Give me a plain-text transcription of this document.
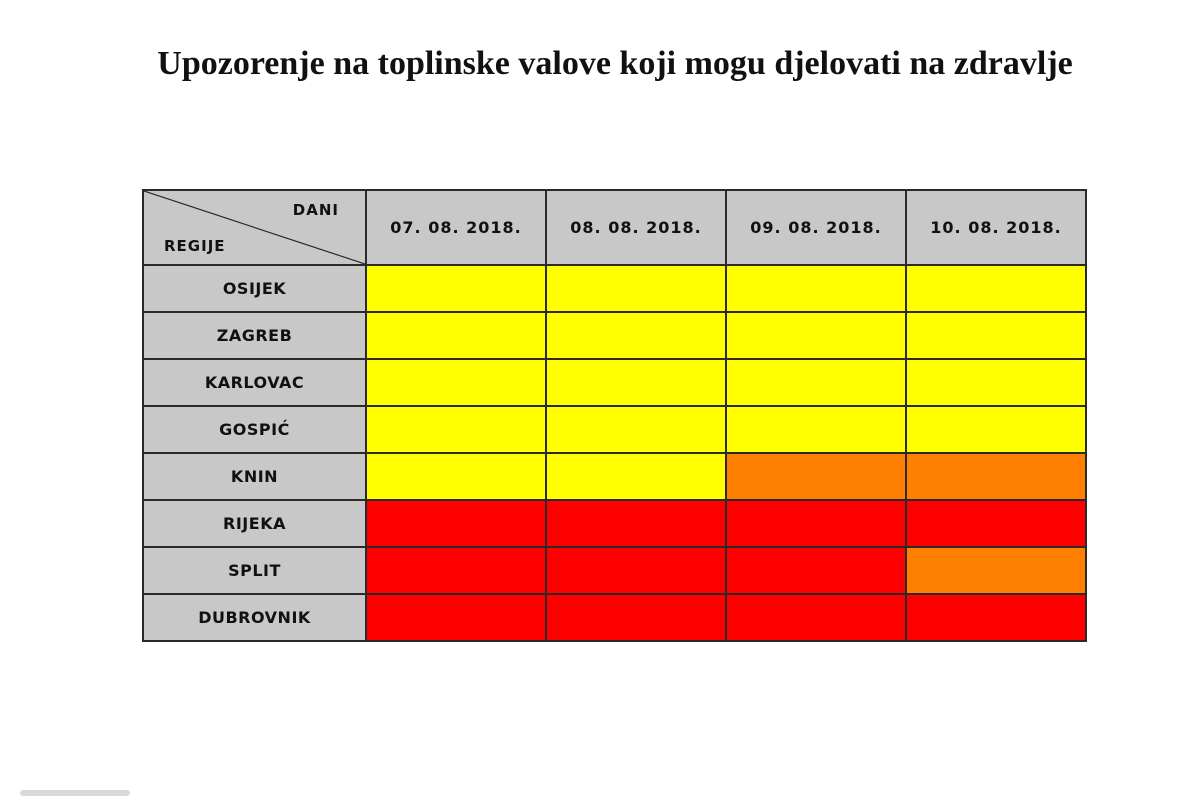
Upozorenje na toplinske valove koji mogu djelovati na zdravlje
DANI
REGIJE	07. 08. 2018.	08. 08. 2018.	09. 08. 2018.	10. 08. 2018.
OSIJEK				
ZAGREB				
KARLOVAC				
GOSPIĆ				
KNIN				
RIJEKA				
SPLIT				
DUBROVNIK				
